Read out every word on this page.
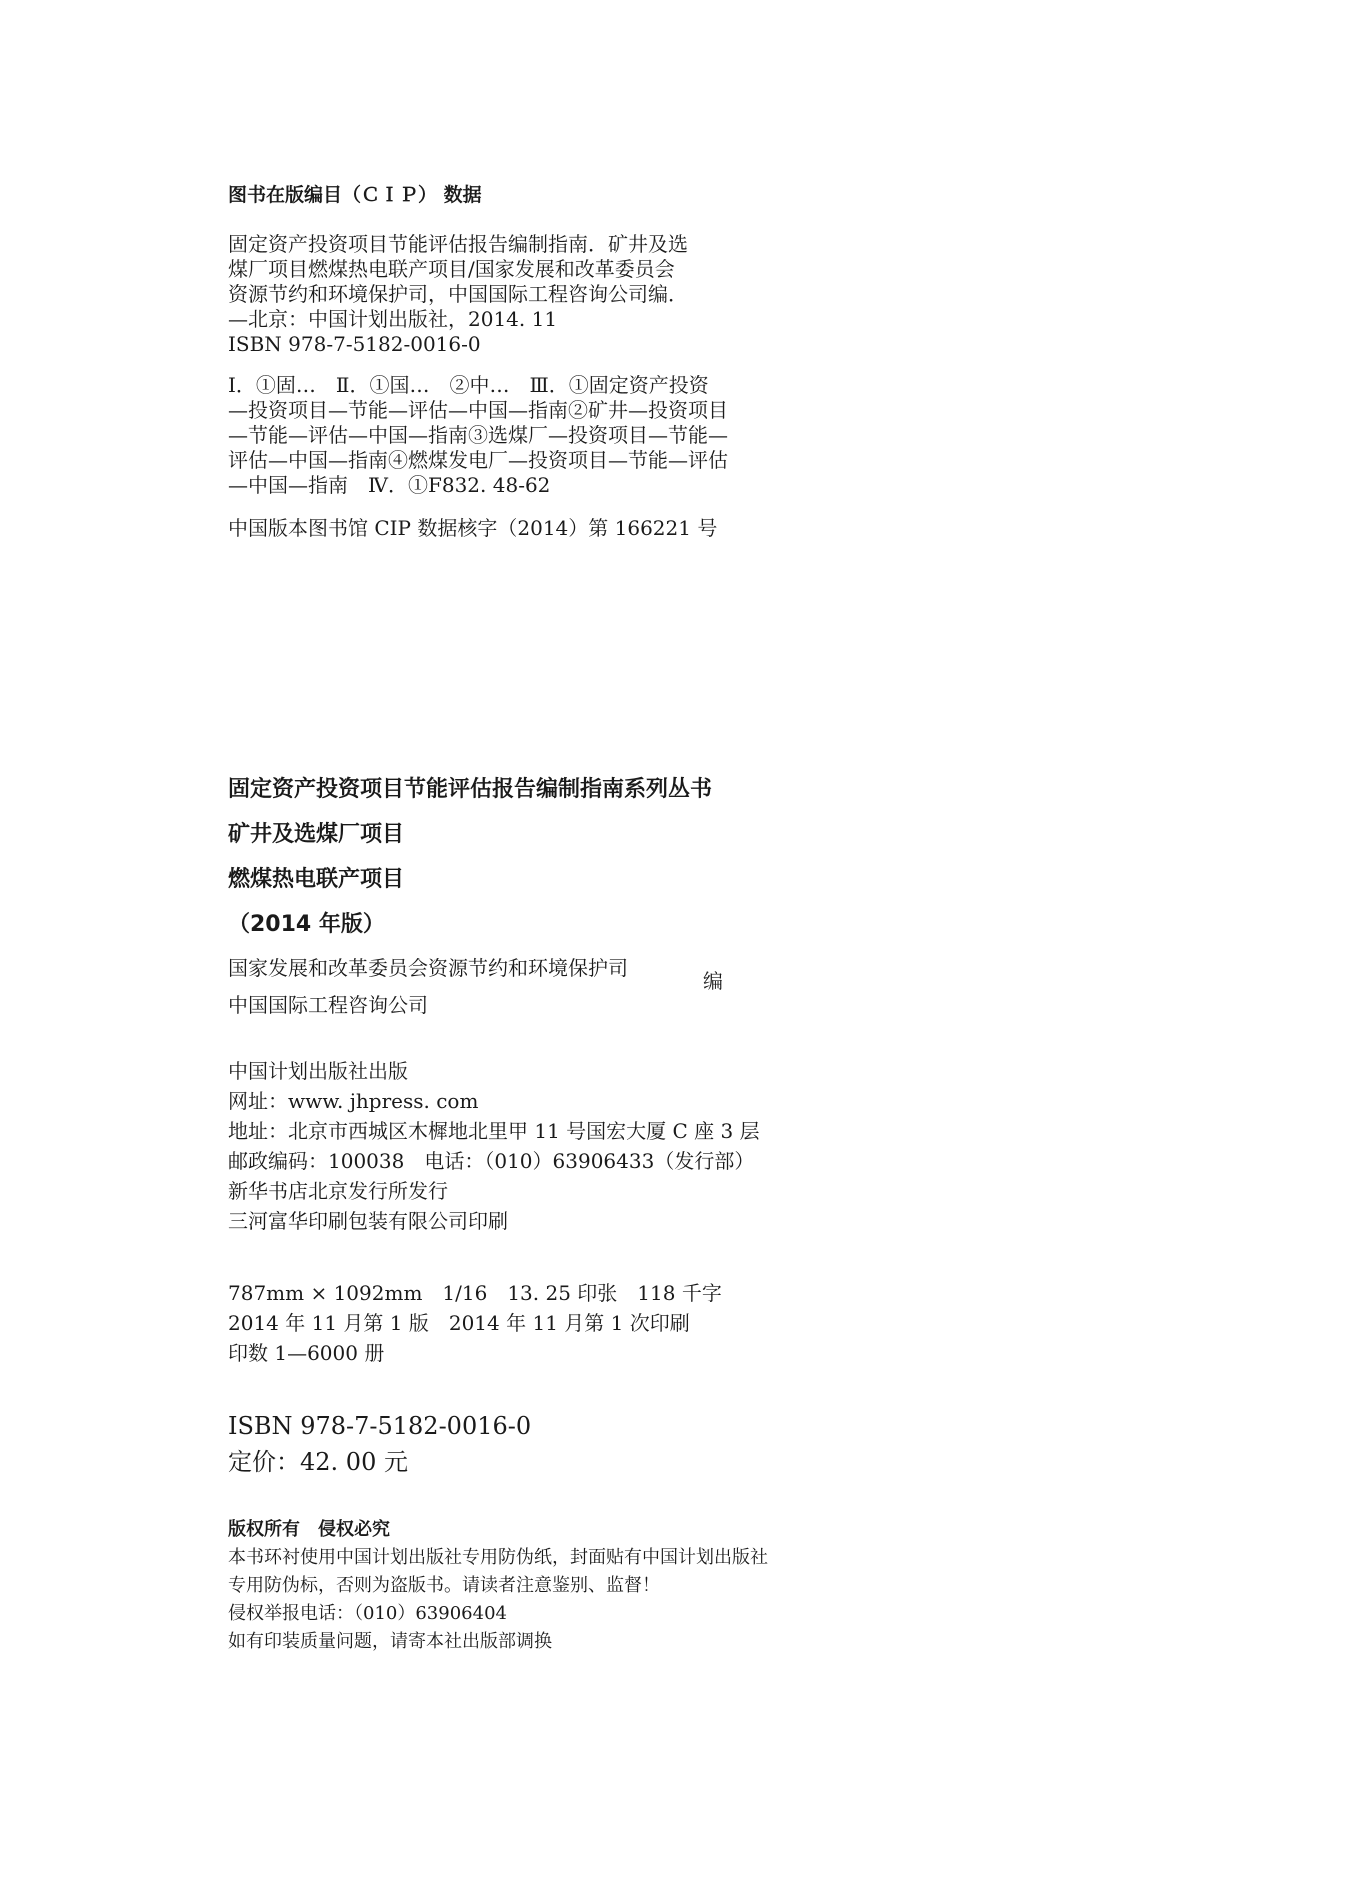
图书在版编目（ＣＩＰ） 数据
固定资产投资项目节能评估报告编制指南．矿井及选
煤厂项目燃煤热电联产项目/国家发展和改革委员会
资源节约和环境保护司，中国国际工程咨询公司编．
—北京：中国计划出版社，2014. 11
ISBN 978-7-5182-0016-0
Ⅰ．①固…　Ⅱ．①国…　②中…　Ⅲ．①固定资产投资
—投资项目—节能—评估—中国—指南②矿井—投资项目
—节能—评估—中国—指南③选煤厂—投资项目—节能—
评估—中国—指南④燃煤发电厂—投资项目—节能—评估
—中国—指南　Ⅳ．①F832. 48-62
中国版本图书馆 CIP 数据核字（2014）第 166221 号
固定资产投资项目节能评估报告编制指南系列丛书
矿井及选煤厂项目
燃煤热电联产项目
（2014 年版）
国家发展和改革委员会资源节约和环境保护司
中国国际工程咨询公司
编
中国计划出版社出版
网址：www. jhpress. com
地址：北京市西城区木樨地北里甲 11 号国宏大厦 C 座 3 层
邮政编码：100038　电话：（010）63906433（发行部）
新华书店北京发行所发行
三河富华印刷包装有限公司印刷
787mm × 1092mm　1/16　13. 25 印张　118 千字
2014 年 11 月第 1 版　2014 年 11 月第 1 次印刷
印数 1—6000 册
ISBN 978-7-5182-0016-0
定价：42. 00 元
版权所有　侵权必究
本书环衬使用中国计划出版社专用防伪纸，封面贴有中国计划出版社
专用防伪标，否则为盗版书。请读者注意鉴别、监督！
侵权举报电话：（010）63906404
如有印装质量问题，请寄本社出版部调换
